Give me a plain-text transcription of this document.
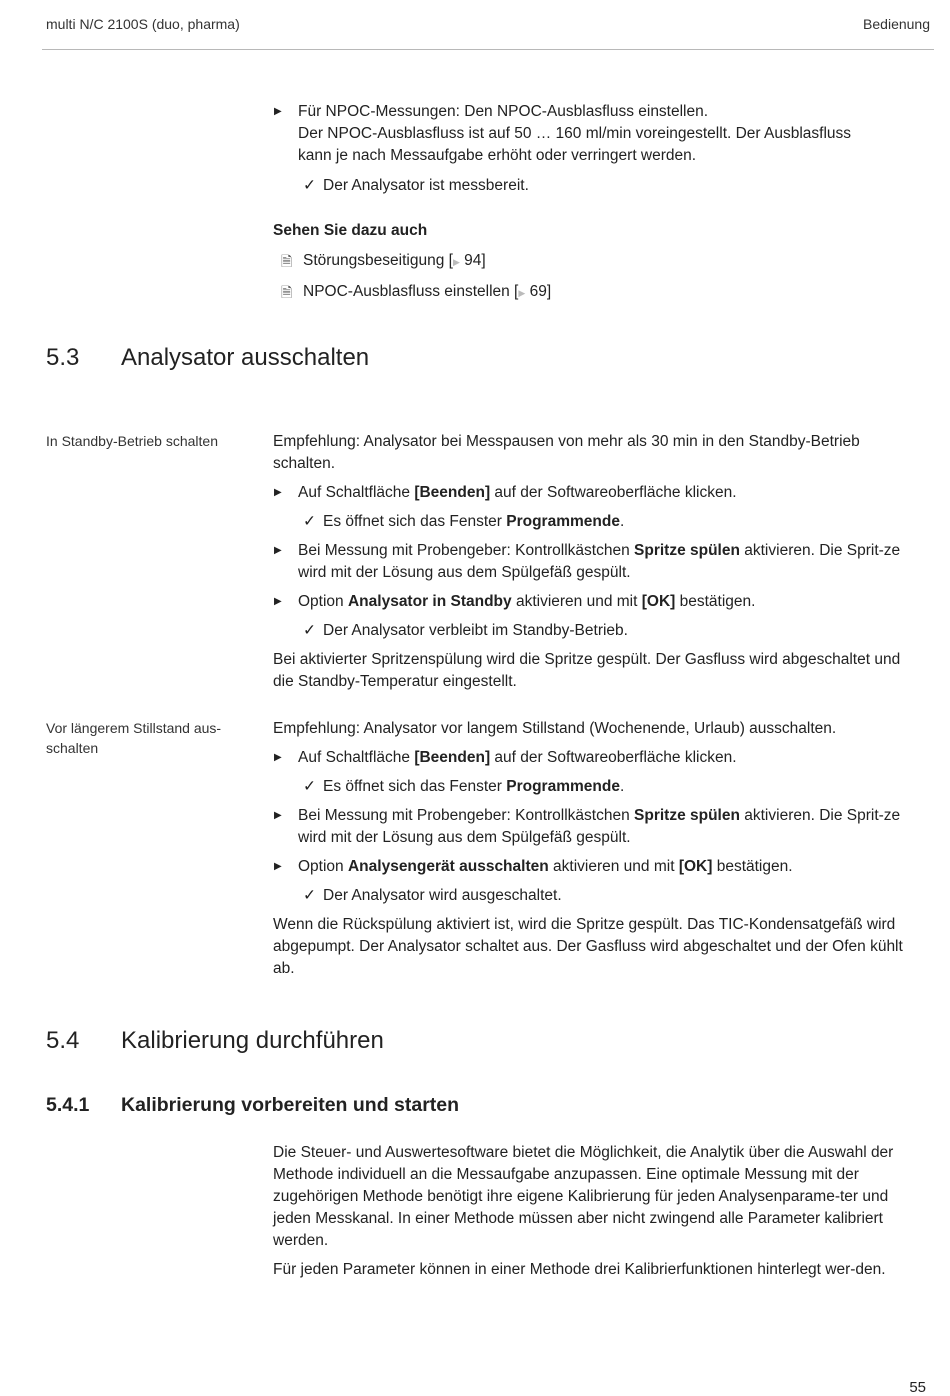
multi N/C 2100S (duo, pharma)	Bedienung
▶ Für NPOC-Messungen: Den NPOC-Ausblasfluss einstellen.
Der NPOC-Ausblasfluss ist auf 50 … 160 ml/min voreingestellt. Der Ausblasfluss
kann je nach Messaufgabe erhöht oder verringert werden.
✓ Der Analysator ist messbereit.
Sehen Sie dazu auch
🗎 Störungsbeseitigung [▶ 94]
🗎 NPOC-Ausblasfluss einstellen [▶ 69]
5.3 Analysator ausschalten
In Standby-Betrieb schalten	Empfehlung: Analysator bei Messpausen von mehr als 30 min in den Standby-Betrieb schalten.
▶ Auf Schaltfläche [Beenden] auf der Softwareoberfläche klicken.
✓ Es öffnet sich das Fenster Programmende.
▶ Bei Messung mit Probengeber: Kontrollkästchen Spritze spülen aktivieren. Die Sprit-ze wird mit der Lösung aus dem Spülgefäß gespült.
▶ Option Analysator in Standby aktivieren und mit [OK] bestätigen.
✓ Der Analysator verbleibt im Standby-Betrieb.
Bei aktivierter Spritzenspülung wird die Spritze gespült. Der Gasfluss wird abgeschaltet und die Standby-Temperatur eingestellt.
Vor längerem Stillstand aus-schalten
Empfehlung: Analysator vor langem Stillstand (Wochenende, Urlaub) ausschalten.
▶ Auf Schaltfläche [Beenden] auf der Softwareoberfläche klicken.
✓ Es öffnet sich das Fenster Programmende.
▶ Bei Messung mit Probengeber: Kontrollkästchen Spritze spülen aktivieren. Die Sprit-ze wird mit der Lösung aus dem Spülgefäß gespült.
▶ Option Analysengerät ausschalten aktivieren und mit [OK] bestätigen.
✓ Der Analysator wird ausgeschaltet.
Wenn die Rückspülung aktiviert ist, wird die Spritze gespült. Das TIC-Kondensatgefäß wird abgepumpt. Der Analysator schaltet aus. Der Gasfluss wird abgeschaltet und der Ofen kühlt ab.
5.4 Kalibrierung durchführen
5.4.1 Kalibrierung vorbereiten und starten
Die Steuer- und Auswertesoftware bietet die Möglichkeit, die Analytik über die Auswahl der Methode individuell an die Messaufgabe anzupassen. Eine optimale Messung mit der zugehörigen Methode benötigt ihre eigene Kalibrierung für jeden Analysenparame-ter und jeden Messkanal. In einer Methode müssen aber nicht zwingend alle Parameter kalibriert werden.
Für jeden Parameter können in einer Methode drei Kalibrierfunktionen hinterlegt wer-den.
55
